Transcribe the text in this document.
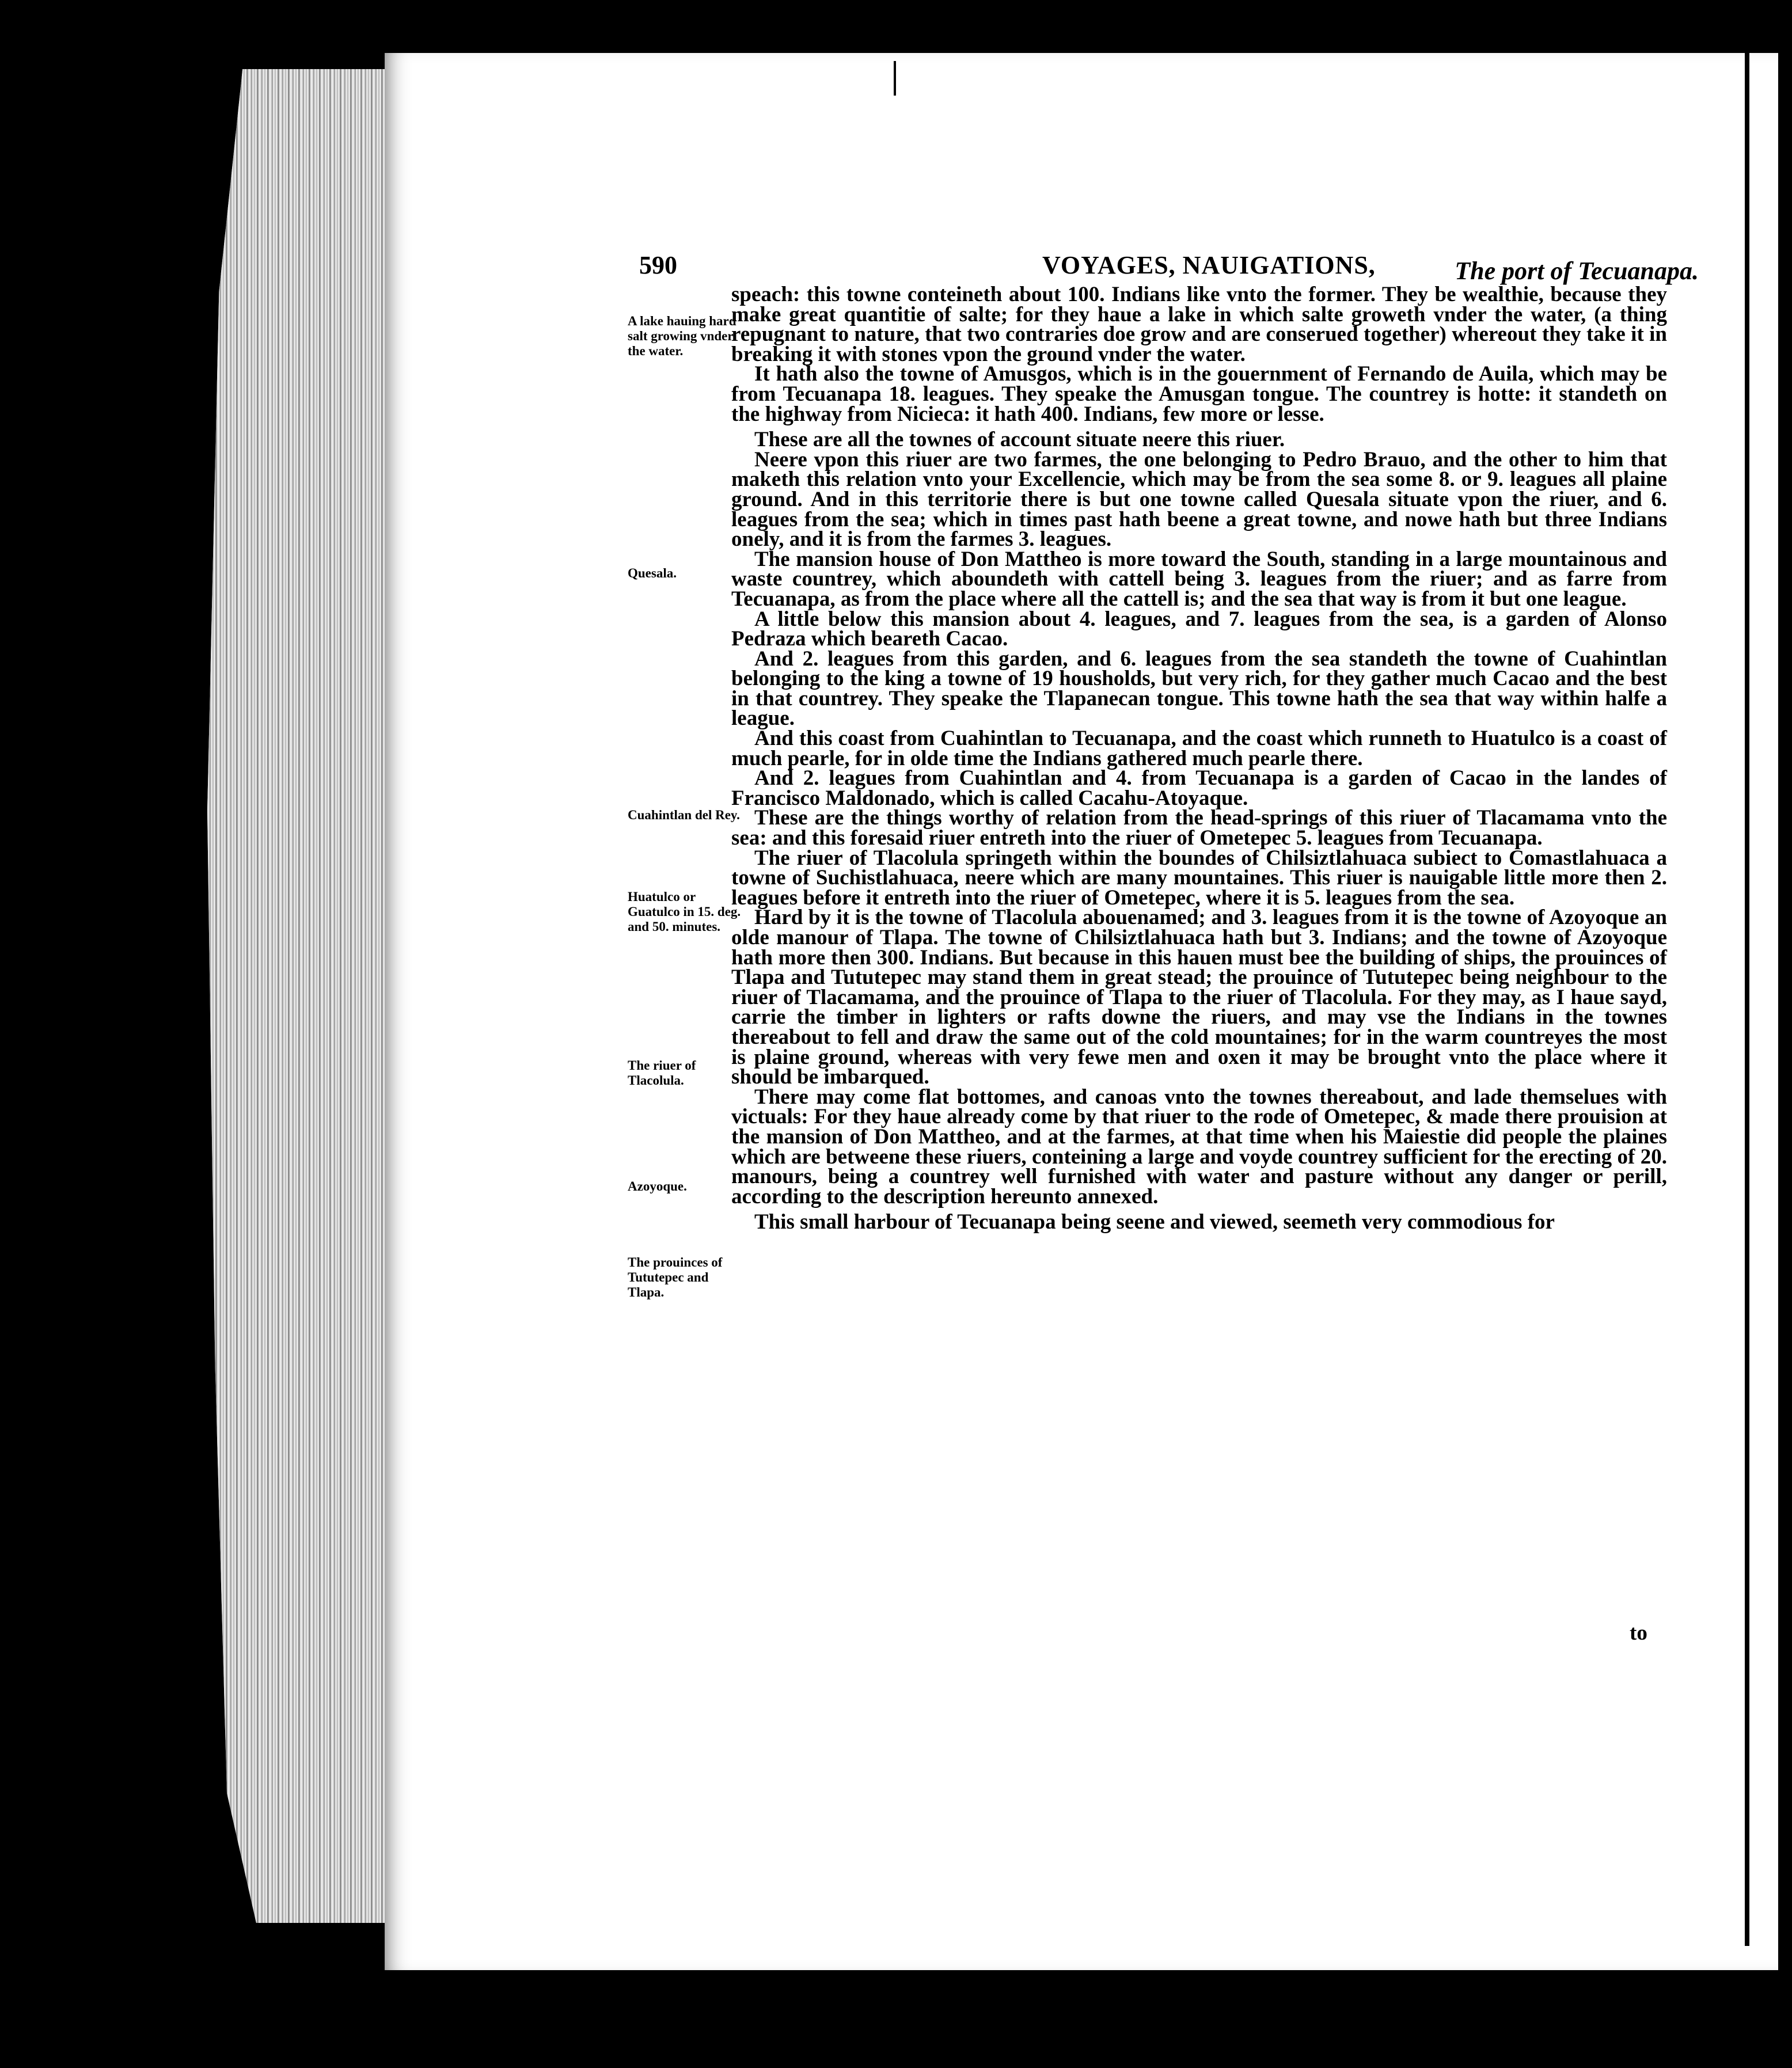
590	VOYAGES, NAUIGATIONS,	The port of Tecuanapa.
A lake hauing hard salt growing vnder the water.
Quesala.
Cuahintlan del Rey.
Huatulco or Guatulco in 15. deg. and 50. minutes.
The riuer of Tlacolula.
Azoyoque.
The prouinces of Tututepec and Tlapa.

speach: this towne conteineth about 100. Indians like vnto the former. They be wealthie, because they make great quantitie of salte; for they haue a lake in which salte groweth vnder the water, (a thing repugnant to nature, that two contraries doe grow and are conserued together) whereout they take it in breaking it with stones vpon the ground vnder the water.

It hath also the towne of Amusgos, which is in the gouernment of Fernando de Auila, which may be from Tecuanapa 18. leagues. They speake the Amusgan tongue. The countrey is hotte: it standeth on the highway from Nicieca: it hath 400. Indians, few more or lesse.

These are all the townes of account situate neere this riuer.

Neere vpon this riuer are two farmes, the one belonging to Pedro Brauo, and the other to him that maketh this relation vnto your Excellencie, which may be from the sea some 8. or 9. leagues all plaine ground. And in this territorie there is but one towne called Quesala situate vpon the riuer, and 6. leagues from the sea; which in times past hath beene a great towne, and nowe hath but three Indians onely, and it is from the farmes 3. leagues.

The mansion house of Don Mattheo is more toward the South, standing in a large mountainous and waste countrey, which aboundeth with cattell being 3. leagues from the riuer; and as farre from Tecuanapa, as from the place where all the cattell is; and the sea that way is from it but one league.

A little below this mansion about 4. leagues, and 7. leagues from the sea, is a garden of Alonso Pedraza which beareth Cacao.

And 2. leagues from this garden, and 6. leagues from the sea standeth the towne of Cuahintlan belonging to the king a towne of 19 housholds, but very rich, for they gather much Cacao and the best in that countrey. They speake the Tlapanecan tongue. This towne hath the sea that way within halfe a league.

And this coast from Cuahintlan to Tecuanapa, and the coast which runneth to Huatulco is a coast of much pearle, for in olde time the Indians gathered much pearle there.

And 2. leagues from Cuahintlan and 4. from Tecuanapa is a garden of Cacao in the landes of Francisco Maldonado, which is called Cacahu-Atoyaque.

These are the things worthy of relation from the head-springs of this riuer of Tlacamama vnto the sea: and this foresaid riuer entreth into the riuer of Ometepec 5. leagues from Tecuanapa.

The riuer of Tlacolula springeth within the boundes of Chilsiztlahuaca subiect to Comastlahuaca a towne of Suchistlahuaca, neere which are many mountaines. This riuer is nauigable little more then 2. leagues before it entreth into the riuer of Ometepec, where it is 5. leagues from the sea.

Hard by it is the towne of Tlacolula abouenamed; and 3. leagues from it is the towne of Azoyoque an olde manour of Tlapa. The towne of Chilsiztlahuaca hath but 3. Indians; and the towne of Azoyoque hath more then 300. Indians. But because in this hauen must bee the building of ships, the prouinces of Tlapa and Tututepec may stand them in great stead; the prouince of Tututepec being neighbour to the riuer of Tlacamama, and the prouince of Tlapa to the riuer of Tlacolula. For they may, as I haue sayd, carrie the timber in lighters or rafts downe the riuers, and may vse the Indians in the townes thereabout to fell and draw the same out of the cold mountaines; for in the warm countreyes the most is plaine ground, whereas with very fewe men and oxen it may be brought vnto the place where it should be imbarqued.

There may come flat bottomes, and canoas vnto the townes thereabout, and lade themselues with victuals: For they haue already come by that riuer to the rode of Ometepec, & made there prouision at the mansion of Don Mattheo, and at the farmes, at that time when his Maiestie did people the plaines which are betweene these riuers, conteining a large and voyde countrey sufficient for the erecting of 20. manours, being a countrey well furnished with water and pasture without any danger or perill, according to the description hereunto annexed.

This small harbour of Tecuanapa being seene and viewed, seemeth very commodious for

to
